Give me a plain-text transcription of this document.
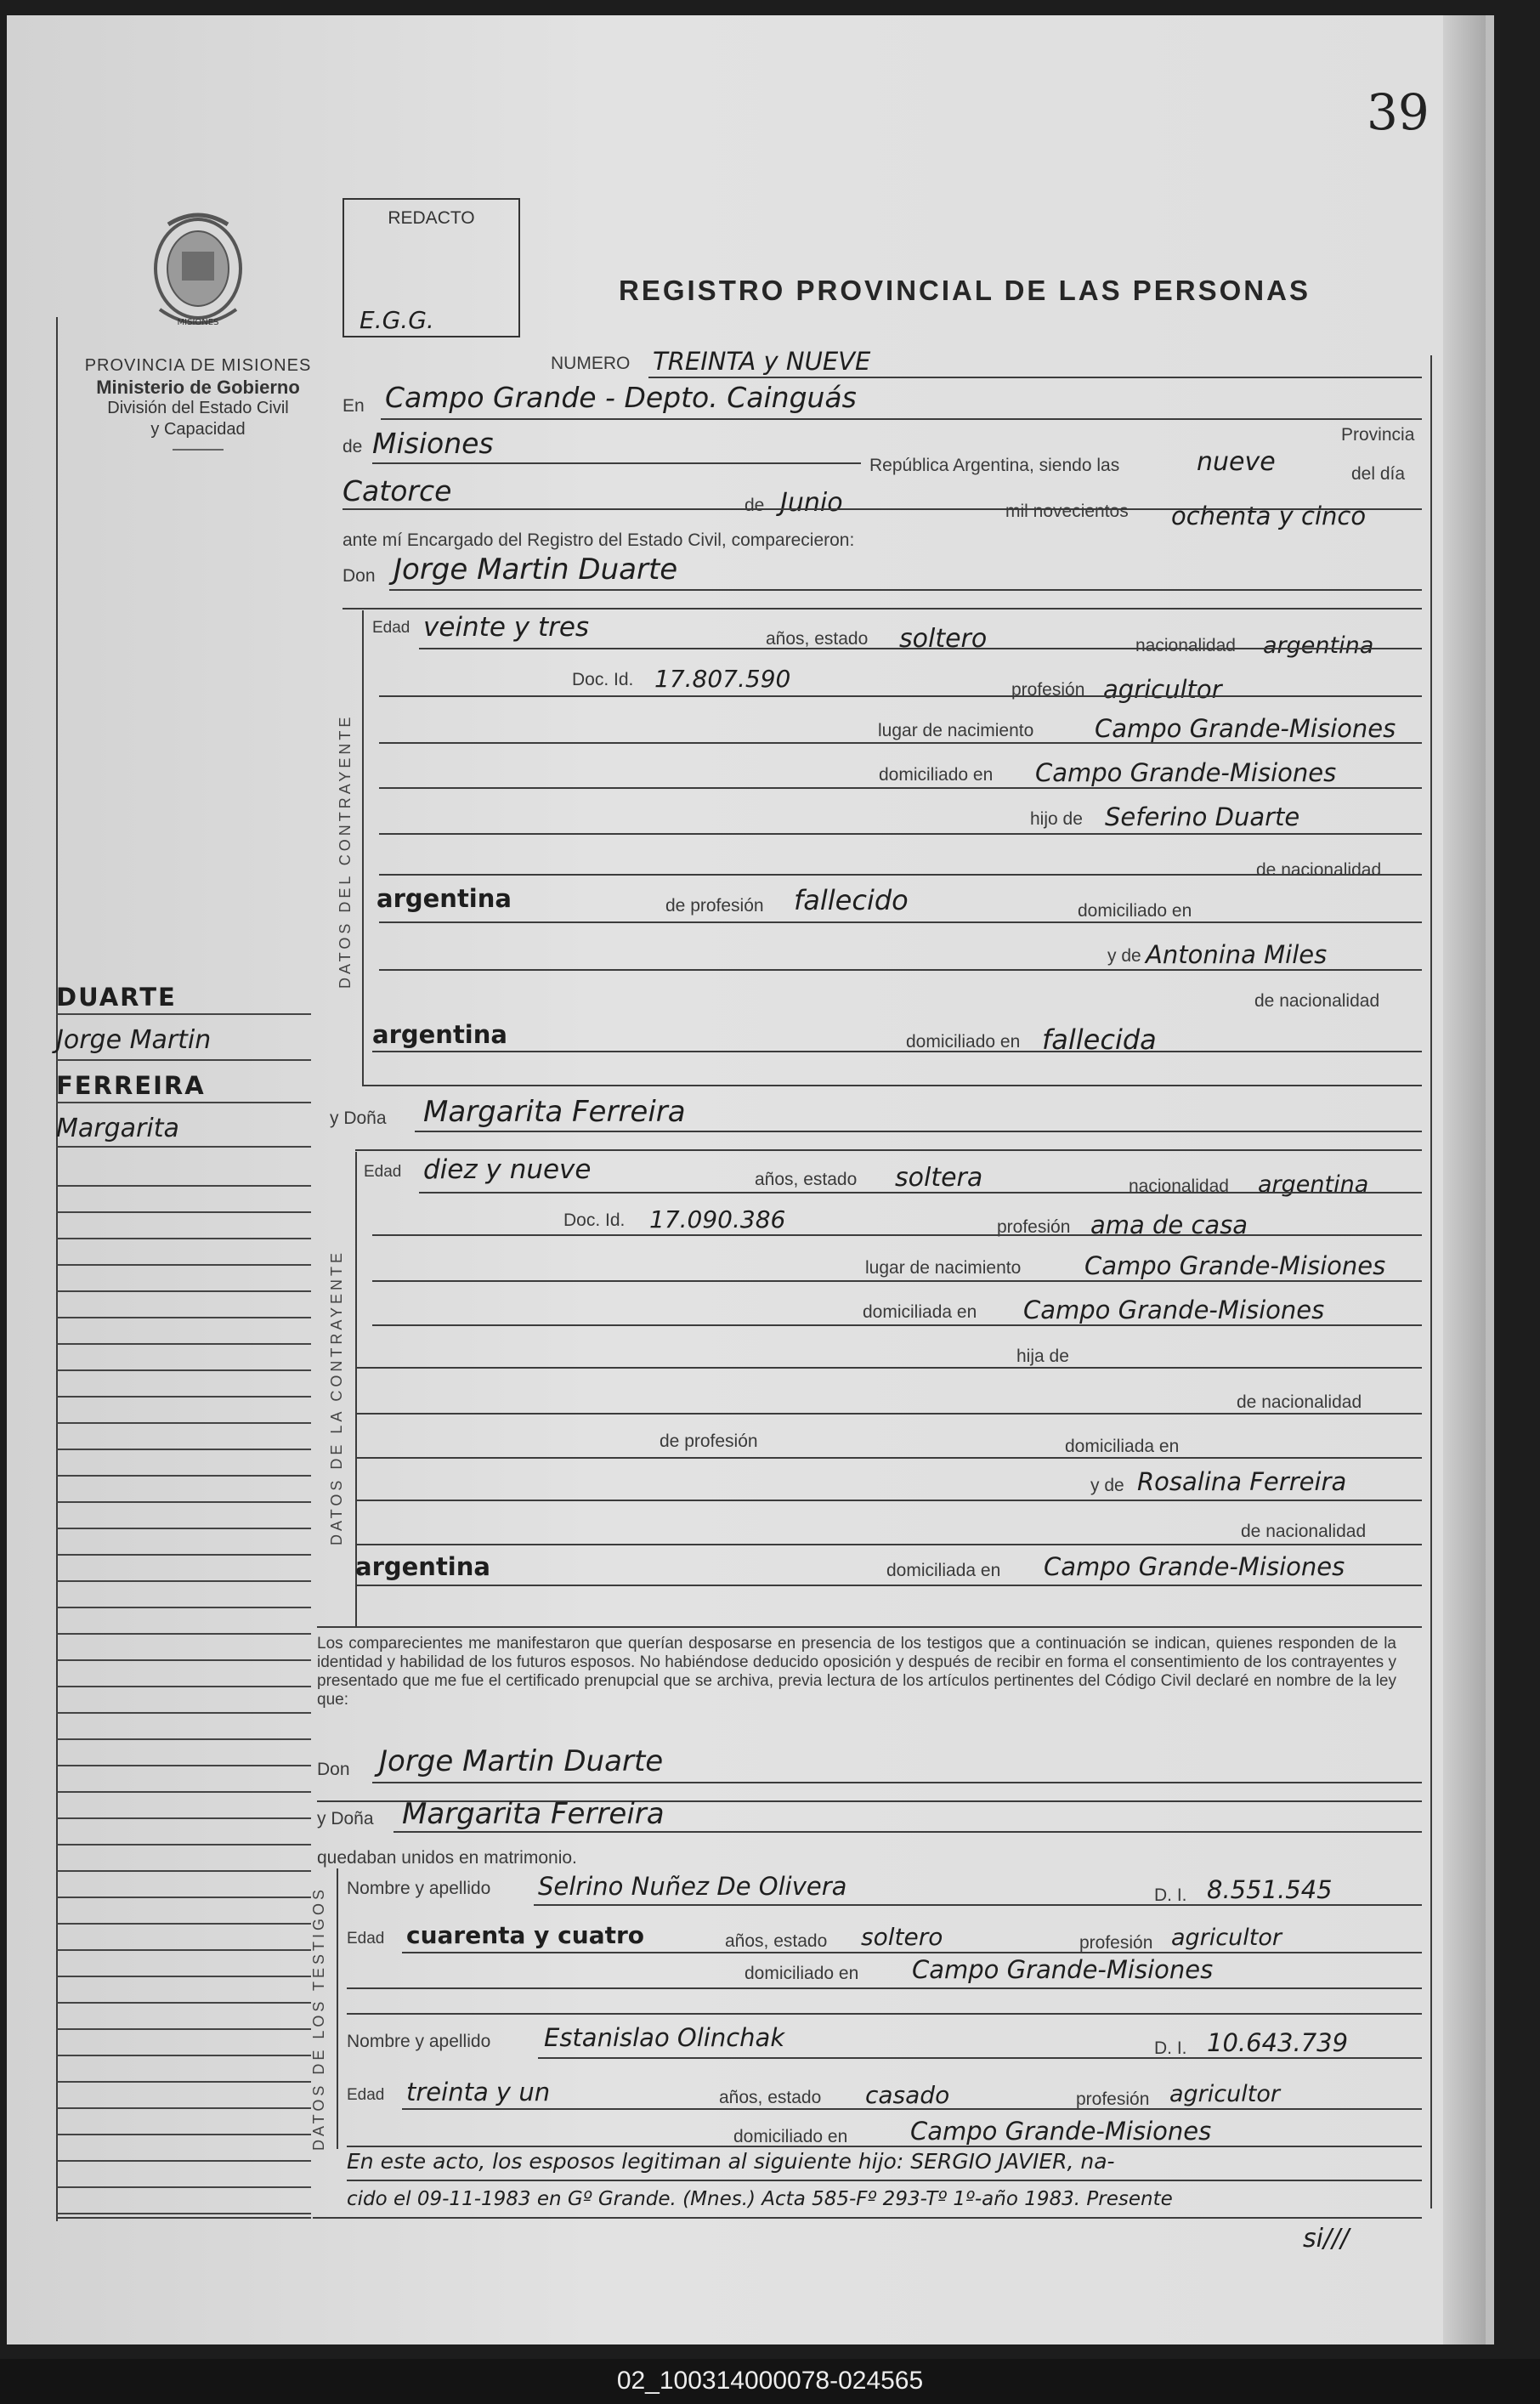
39
MISIONES
PROVINCIA DE MISIONES
Ministerio de Gobierno
División del Estado Civil
y Capacidad
DUARTE
Jorge Martin
FERREIRA
Margarita
REDACTO
E.G.G.
REGISTRO PROVINCIAL DE LAS PERSONAS
NUMERO TREINTA y NUEVE
En Campo Grande - Depto. Cainguás
Provincia
de Misiones
República Argentina, siendo las	nueve	del día
Catorce	de Junio	mil novecientos ochenta y cinco
ante mí Encargado del Registro del Estado Civil, comparecieron:
Don Jorge Martin Duarte
DATOS DEL CONTRAYENTE
Edad veinte y tres	años, estado soltero	nacionalidad argentina
Doc. Id. 17.807.590	profesión agricultor
lugar de nacimiento Campo Grande-Misiones
domiciliado en Campo Grande-Misiones
hijo de Seferino Duarte
de nacionalidad
argentina	de profesión fallecido	domiciliado en
y de Antonina Miles
de nacionalidad
argentina	domiciliado en fallecida
y Doña Margarita Ferreira
DATOS DE LA CONTRAYENTE
Edad diez y nueve	años, estado soltera	nacionalidad argentina
Doc. Id. 17.090.386	profesión ama de casa
lugar de nacimiento	Campo Grande-Misiones
domiciliada en Campo Grande-Misiones
hija de
de nacionalidad
de profesión	domiciliada en
y de Rosalina Ferreira
de nacionalidad
argentina	domiciliada en Campo Grande-Misiones
Los comparecientes me manifestaron que querían desposarse en presencia de los testigos que a continuación se indican, quienes responden de la identidad y habilidad de los futuros esposos. No habiéndose deducido oposición y después de recibir en forma el consentimiento de los contrayentes y presentado que me fue el certificado prenupcial que se archiva, previa lectura de los artículos pertinentes del Código Civil declaré en nombre de la ley que:
Don Jorge Martin Duarte
y Doña Margarita Ferreira
quedaban unidos en matrimonio.
DATOS DE LOS TESTIGOS Nombre y apellido Selrino Nuñez De Olivera	D. I. 8.551.545
Edad cuarenta y cuatro	años, estado soltero	profesión agricultor
domiciliado en Campo Grande-Misiones
Nombre y apellido Estanislao Olinchak	D. I. 10.643.739
Edad treinta y un	años, estado casado	profesión agricultor
domiciliado en	Campo Grande-Misiones
En este acto, los esposos legitiman al siguiente hijo: SERGIO JAVIER, na-
cido el 09-11-1983 en Gº Grande. (Mnes.) Acta 585-Fº 293-Tº 1º-año 1983. Presente
si///
02_100314000078-024565
